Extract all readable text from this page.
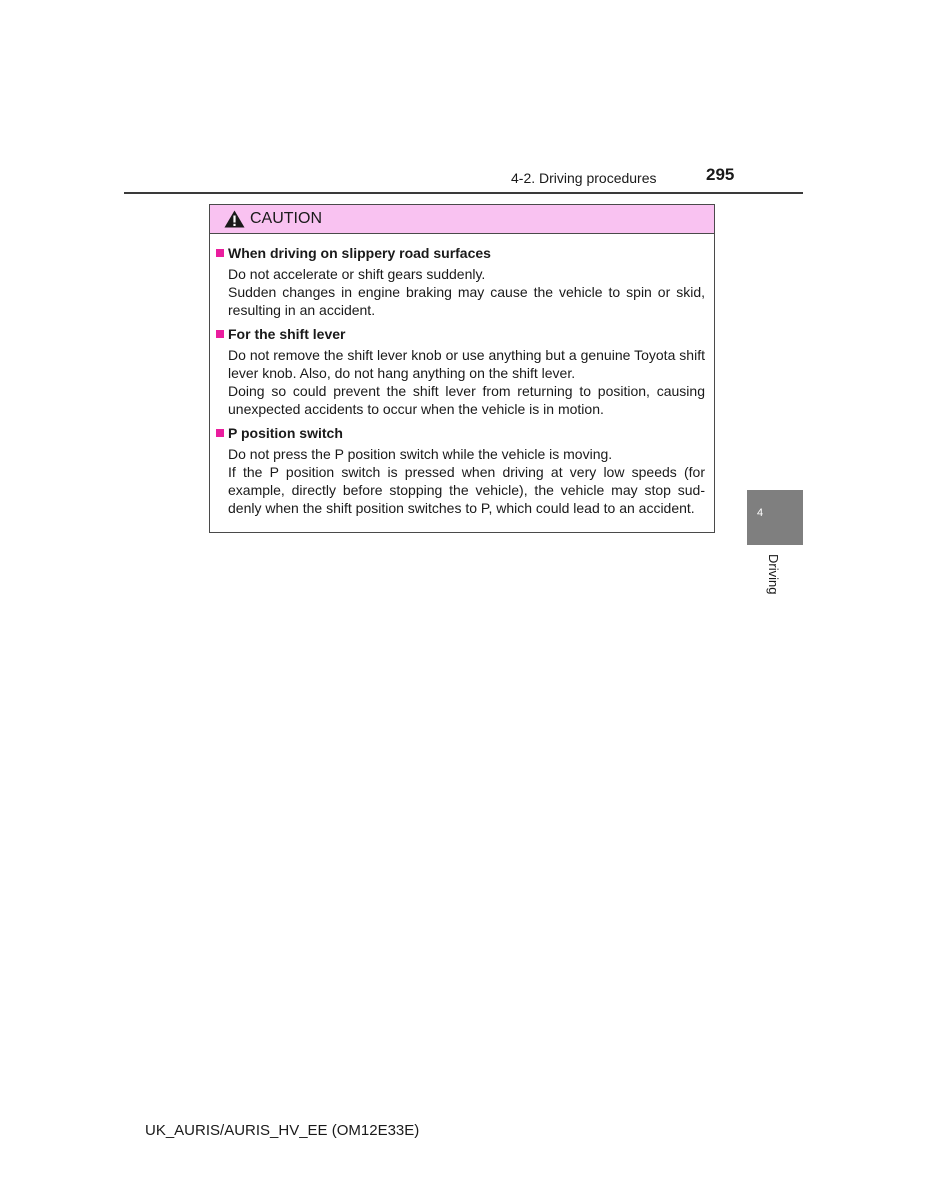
4-2. Driving procedures	295
CAUTION
When driving on slippery road surfaces

Do not accelerate or shift gears suddenly.

Sudden changes in engine braking may cause the vehicle to spin or skid, resulting in an accident.

For the shift lever

Do not remove the shift lever knob or use anything but a genuine Toyota shift lever knob. Also, do not hang anything on the shift lever.

Doing so could prevent the shift lever from returning to position, causing unexpected accidents to occur when the vehicle is in motion.

P position switch

Do not press the P position switch while the vehicle is moving.

If the P position switch is pressed when driving at very low speeds (for example, directly before stopping the vehicle), the vehicle may stop sud-denly when the shift position switches to P, which could lead to an accident.	4
Driving
UK_AURIS/AURIS_HV_EE (OM12E33E)
